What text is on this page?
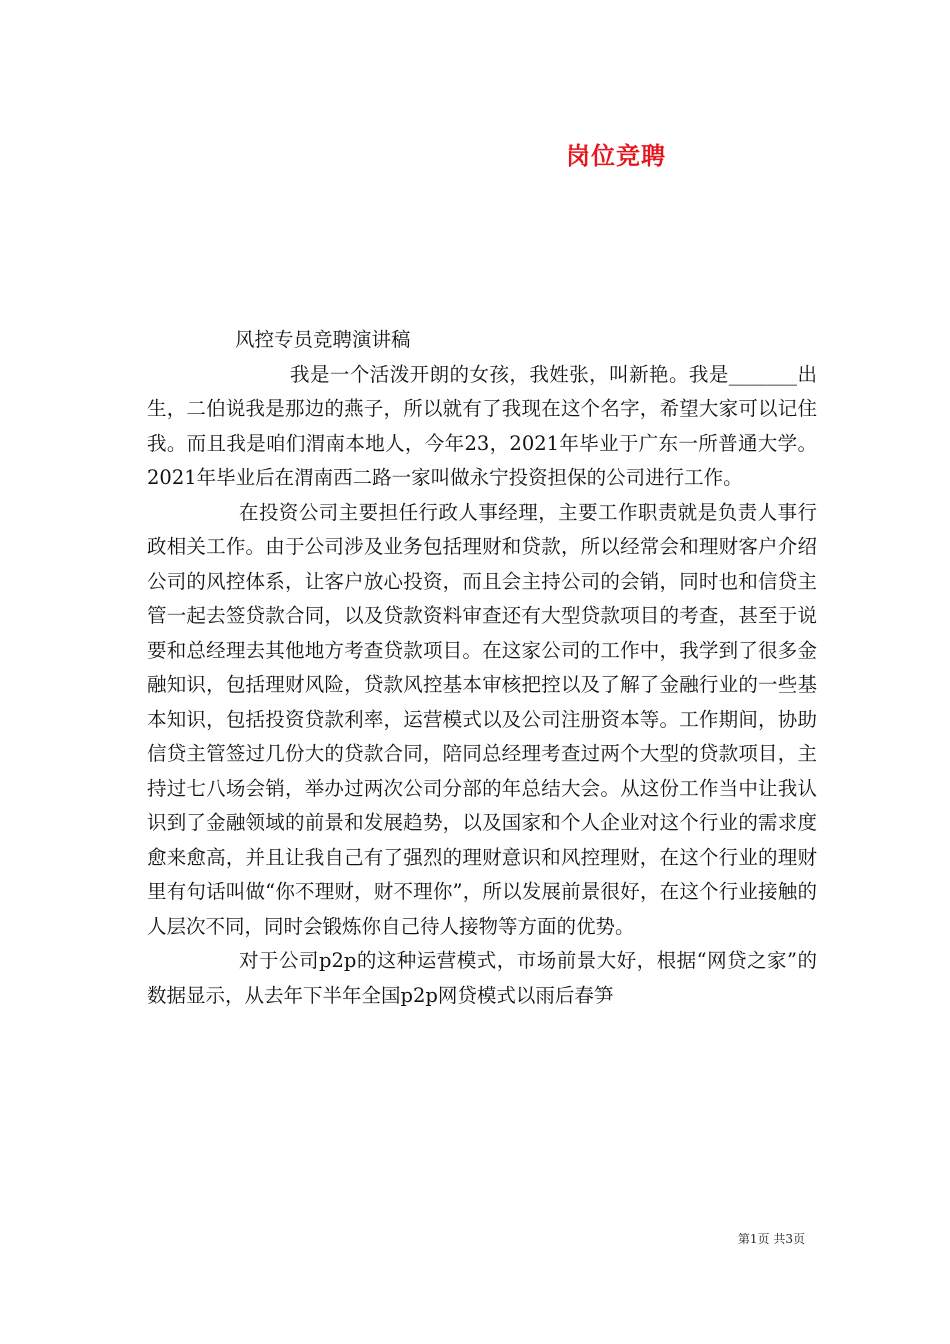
岗位竞聘

风控专员竞聘演讲稿

我是一个活泼开朗的女孩，我姓张，叫新艳。我是_______出生，二伯说我是那边的燕子，所以就有了我现在这个名字，希望大家可以记住我。而且我是咱们渭南本地人，今年23，2021年毕业于广东一所普通大学。2021年毕业后在渭南西二路一家叫做永宁投资担保的公司进行工作。

在投资公司主要担任行政人事经理，主要工作职责就是负责人事行政相关工作。由于公司涉及业务包括理财和贷款，所以经常会和理财客户介绍公司的风控体系，让客户放心投资，而且会主持公司的会销，同时也和信贷主管一起去签贷款合同，以及贷款资料审查还有大型贷款项目的考查，甚至于说要和总经理去其他地方考查贷款项目。在这家公司的工作中，我学到了很多金融知识，包括理财风险，贷款风控基本审核把控以及了解了金融行业的一些基本知识，包括投资贷款利率，运营模式以及公司注册资本等。工作期间，协助信贷主管签过几份大的贷款合同，陪同总经理考查过两个大型的贷款项目，主持过七八场会销，举办过两次公司分部的年总结大会。从这份工作当中让我认识到了金融领域的前景和发展趋势，以及国家和个人企业对这个行业的需求度愈来愈高，并且让我自己有了强烈的理财意识和风控理财，在这个行业的理财里有句话叫做“你不理财，财不理你”，所以发展前景很好，在这个行业接触的人层次不同，同时会锻炼你自己待人接物等方面的优势。

对于公司p2p的这种运营模式，市场前景大好，根据“网贷之家”的数据显示，从去年下半年全国p2p网贷模式以雨后春笋

第1页 共3页
